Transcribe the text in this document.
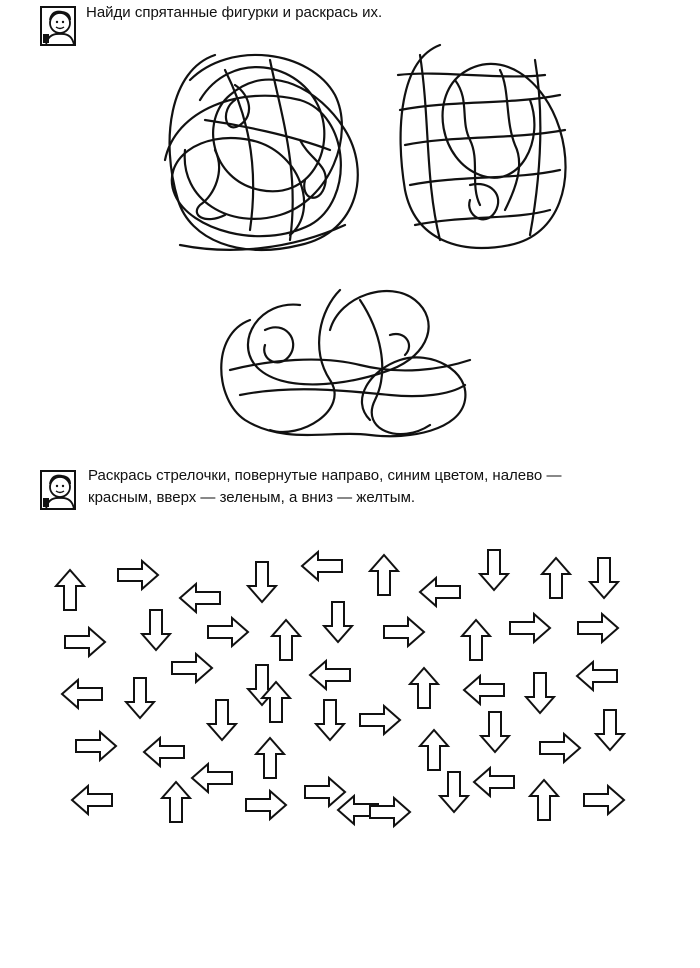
Найди спрятанные фигурки и раскрась их.
Раскрась стрелочки, повернутые направо, синим цветом, налево —
красным, вверх — зеленым, а вниз — желтым.
